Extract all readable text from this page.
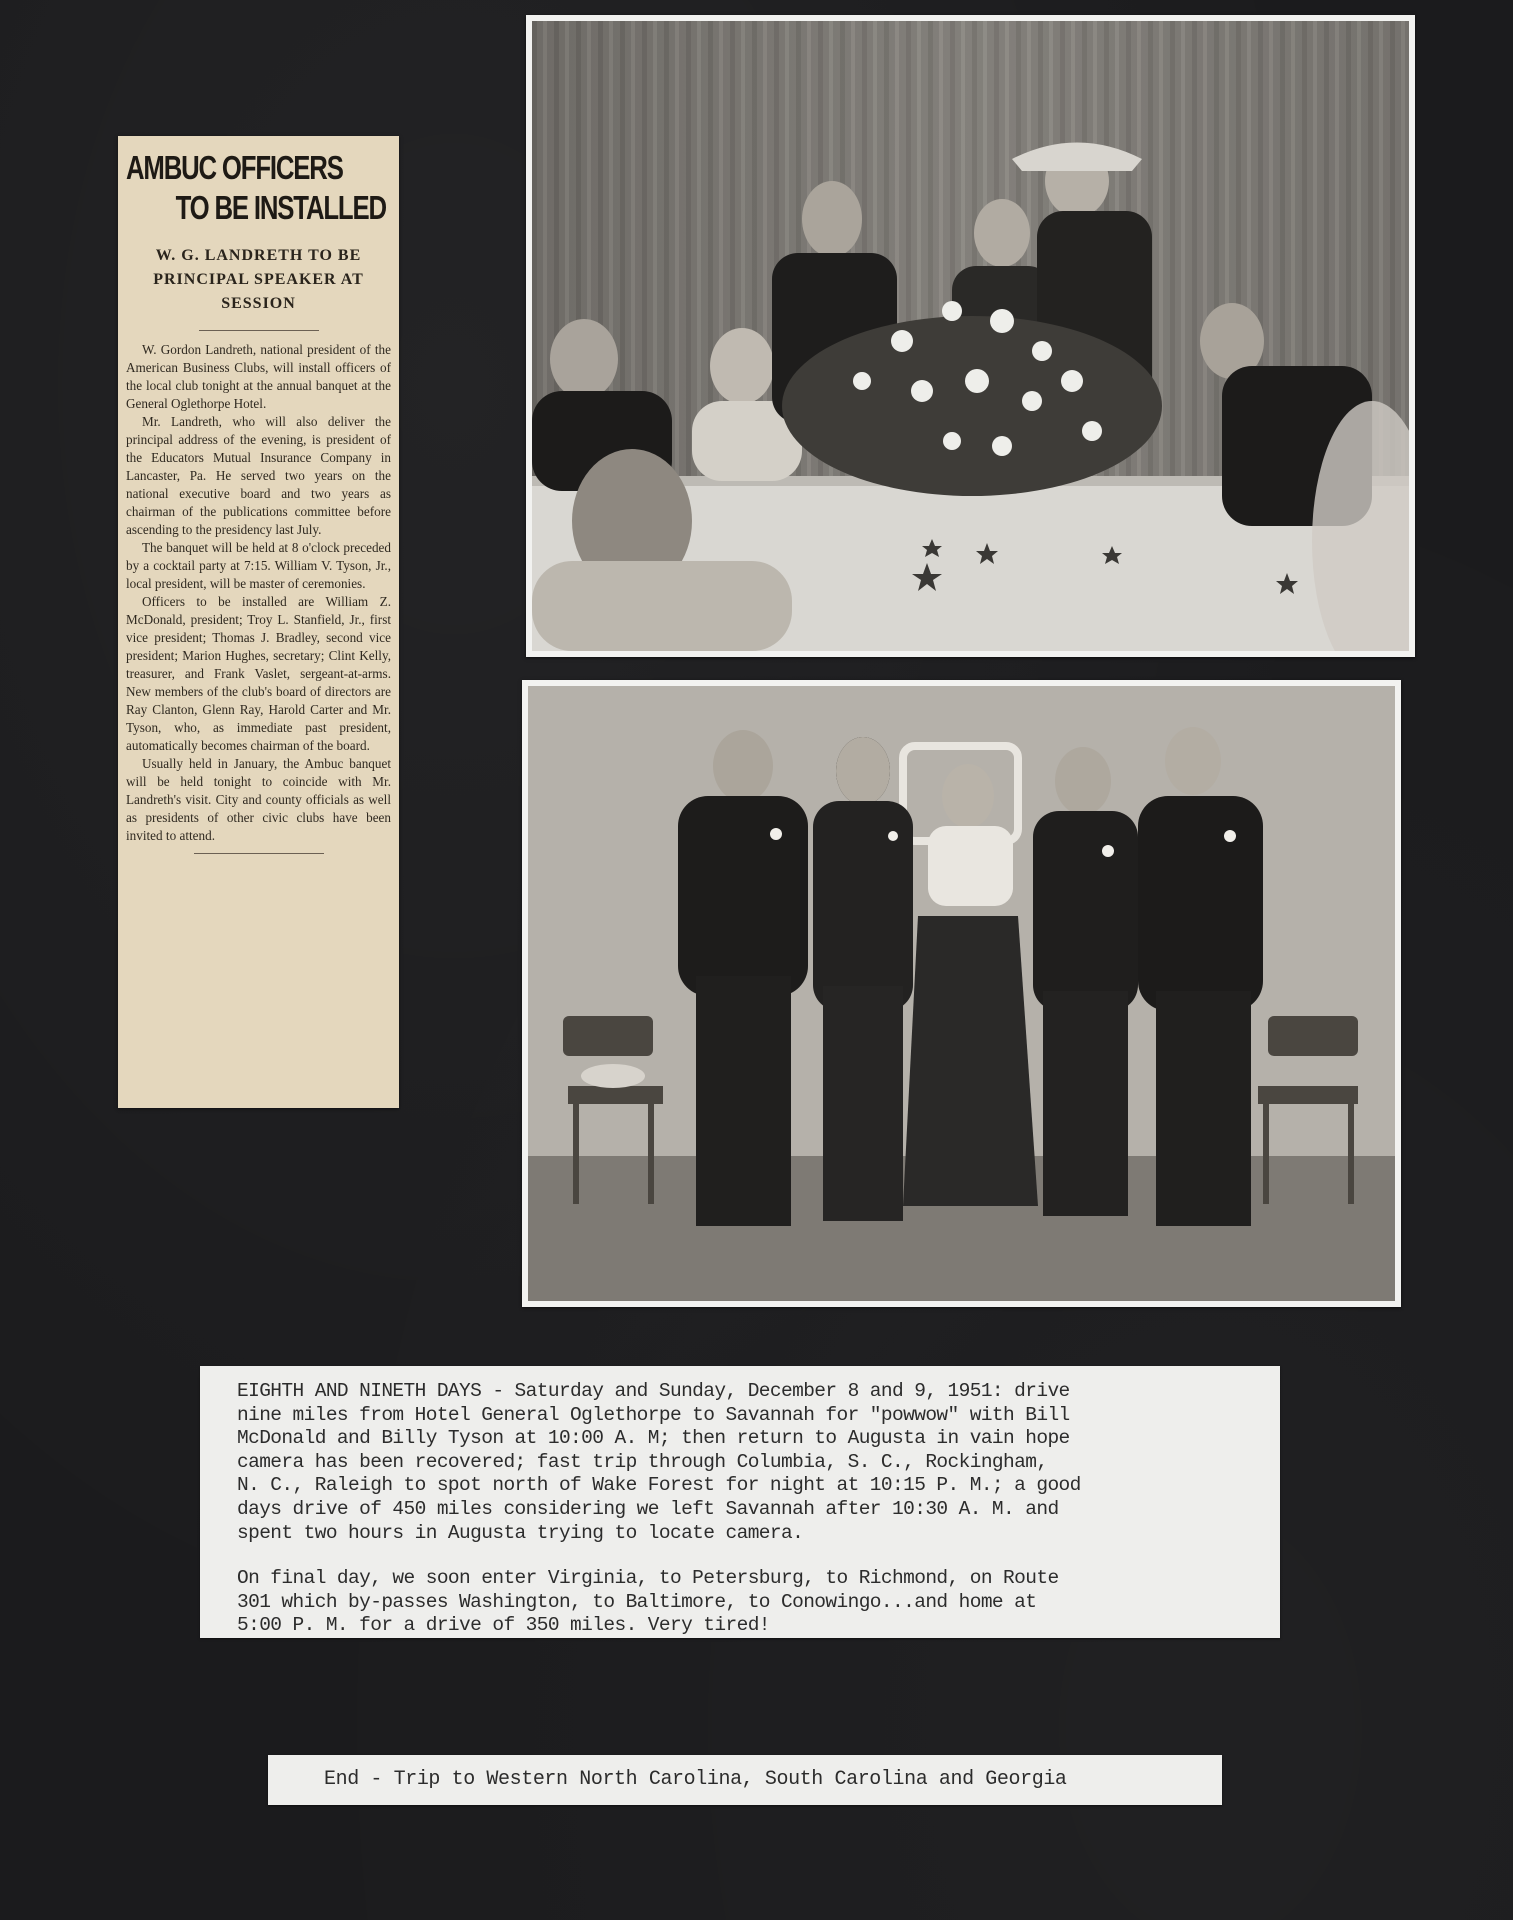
AMBUC OFFICERS
TO BE INSTALLED
W. G. LANDRETH TO BE PRINCIPAL SPEAKER AT SESSION

W. Gordon Landreth, national president of the American Business Clubs, will install officers of the local club tonight at the annual banquet at the General Oglethorpe Hotel.

Mr. Landreth, who will also deliver the principal address of the evening, is president of the Educators Mutual Insurance Company in Lancaster, Pa. He served two years on the national executive board and two years as chairman of the publications committee before ascending to the presidency last July.

The banquet will be held at 8 o'clock preceded by a cocktail party at 7:15. William V. Tyson, Jr., local president, will be master of ceremonies.

Officers to be installed are William Z. McDonald, president; Troy L. Stanfield, Jr., first vice president; Thomas J. Bradley, second vice president; Marion Hughes, secretary; Clint Kelly, treasurer, and Frank Vaslet, sergeant-at-arms. New members of the club's board of directors are Ray Clanton, Glenn Ray, Harold Carter and Mr. Tyson, who, as immediate past president, automatically becomes chairman of the board.

Usually held in January, the Ambuc banquet will be held tonight to coincide with Mr. Landreth's visit. City and county officials as well as presidents of other civic clubs have been invited to attend.

EIGHTH AND NINETH DAYS - Saturday and Sunday, December 8 and 9, 1951: drive
nine miles from Hotel General Oglethorpe to Savannah for "powwow" with Bill
McDonald and Billy Tyson at 10:00 A. M; then return to Augusta in vain hope
camera has been recovered; fast trip through Columbia, S. C., Rockingham,
N. C., Raleigh to spot north of Wake Forest for night at 10:15 P. M.; a good
days drive of 450 miles considering we left Savannah after 10:30 A. M. and
spent two hours in Augusta trying to locate camera.

On final day, we soon enter Virginia, to Petersburg, to Richmond, on Route
301 which by-passes Washington, to Baltimore, to Conowingo...and home at
5:00 P. M. for a drive of 350 miles. Very tired!

End - Trip to Western North Carolina, South Carolina and Georgia
